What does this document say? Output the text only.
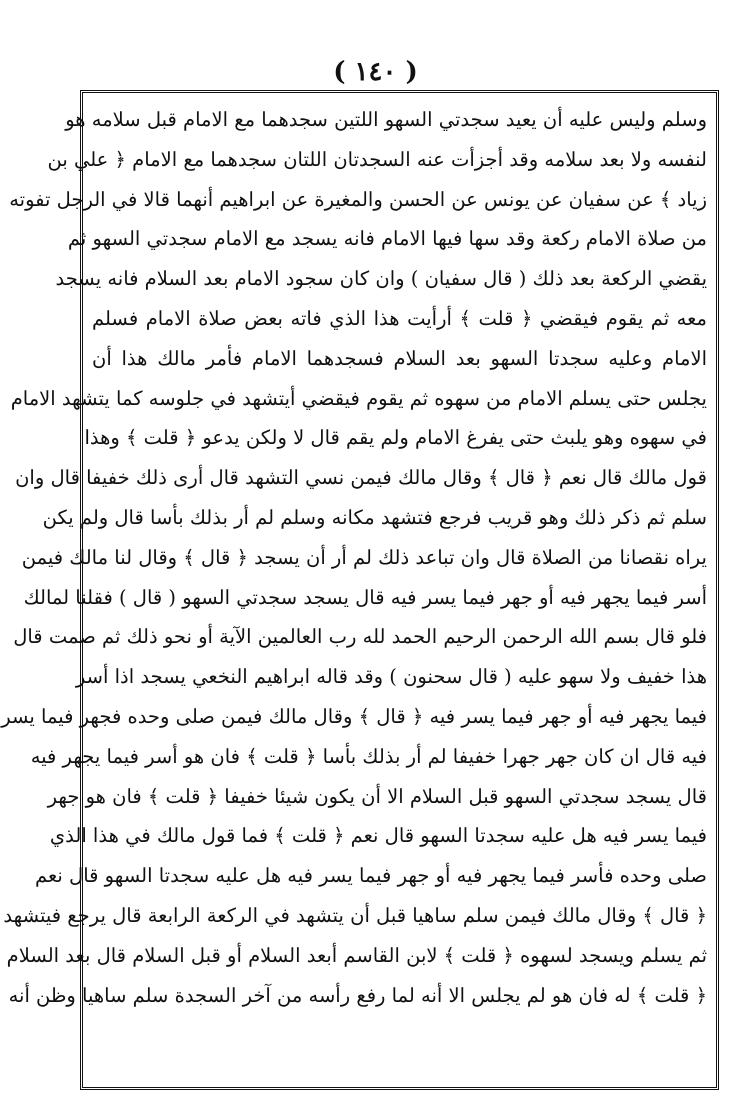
( ١٤٠ )
وسلم وليس عليه أن يعيد سجدتي السهو اللتين سجدهما مع الامام قبل سلامه هو
لنفسه ولا بعد سلامه وقد أجزأت عنه السجدتان اللتان سجدهما مع الامام ﴿ علي بن
زياد ﴾ عن سفيان عن يونس عن الحسن والمغيرة عن ابراهيم أنهما قالا في الرجل تفوته
من صلاة الامام ركعة وقد سها فيها الامام فانه يسجد مع الامام سجدتي السهو ثم
يقضي الركعة بعد ذلك ( قال سفيان ) وان كان سجود الامام بعد السلام فانه يسجد
معه ثم يقوم فيقضي ﴿ قلت ﴾ أرأيت هذا الذي فاته بعض صلاة الامام فسلم
الامام وعليه سجدتا السهو بعد السلام فسجدهما الامام فأمر مالك هذا أن
يجلس حتى يسلم الامام من سهوه ثم يقوم فيقضي أيتشهد في جلوسه كما يتشهد الامام
في سهوه وهو يلبث حتى يفرغ الامام ولم يقم قال لا ولكن يدعو ﴿ قلت ﴾ وهذا
قول مالك قال نعم ﴿ قال ﴾ وقال مالك فيمن نسي التشهد قال أرى ذلك خفيفا قال وان
سلم ثم ذكر ذلك وهو قريب فرجع فتشهد مكانه وسلم لم أر بذلك بأسا قال ولم يكن
يراه نقصانا من الصلاة قال وان تباعد ذلك لم أر أن يسجد ﴿ قال ﴾ وقال لنا مالك فيمن
أسر فيما يجهر فيه أو جهر فيما يسر فيه قال يسجد سجدتي السهو ( قال ) فقلنا لمالك
فلو قال بسم الله الرحمن الرحيم الحمد لله رب العالمين الآية أو نحو ذلك ثم صمت قال
هذا خفيف ولا سهو عليه ( قال سحنون ) وقد قاله ابراهيم النخعي يسجد اذا أسر
فيما يجهر فيه أو جهر فيما يسر فيه ﴿ قال ﴾ وقال مالك فيمن صلى وحده فجهر فيما يسر
فيه قال ان كان جهر جهرا خفيفا لم أر بذلك بأسا ﴿ قلت ﴾ فان هو أسر فيما يجهر فيه
قال يسجد سجدتي السهو قبل السلام الا أن يكون شيئا خفيفا ﴿ قلت ﴾ فان هو جهر
فيما يسر فيه هل عليه سجدتا السهو قال نعم ﴿ قلت ﴾ فما قول مالك في هذا الذي
صلى وحده فأسر فيما يجهر فيه أو جهر فيما يسر فيه هل عليه سجدتا السهو قال نعم
﴿ قال ﴾ وقال مالك فيمن سلم ساهيا قبل أن يتشهد في الركعة الرابعة قال يرجع فيتشهد
ثم يسلم ويسجد لسهوه ﴿ قلت ﴾ لابن القاسم أبعد السلام أو قبل السلام قال بعد السلام
﴿ قلت ﴾ له فان هو لم يجلس الا أنه لما رفع رأسه من آخر السجدة سلم ساهيا وظن أنه
